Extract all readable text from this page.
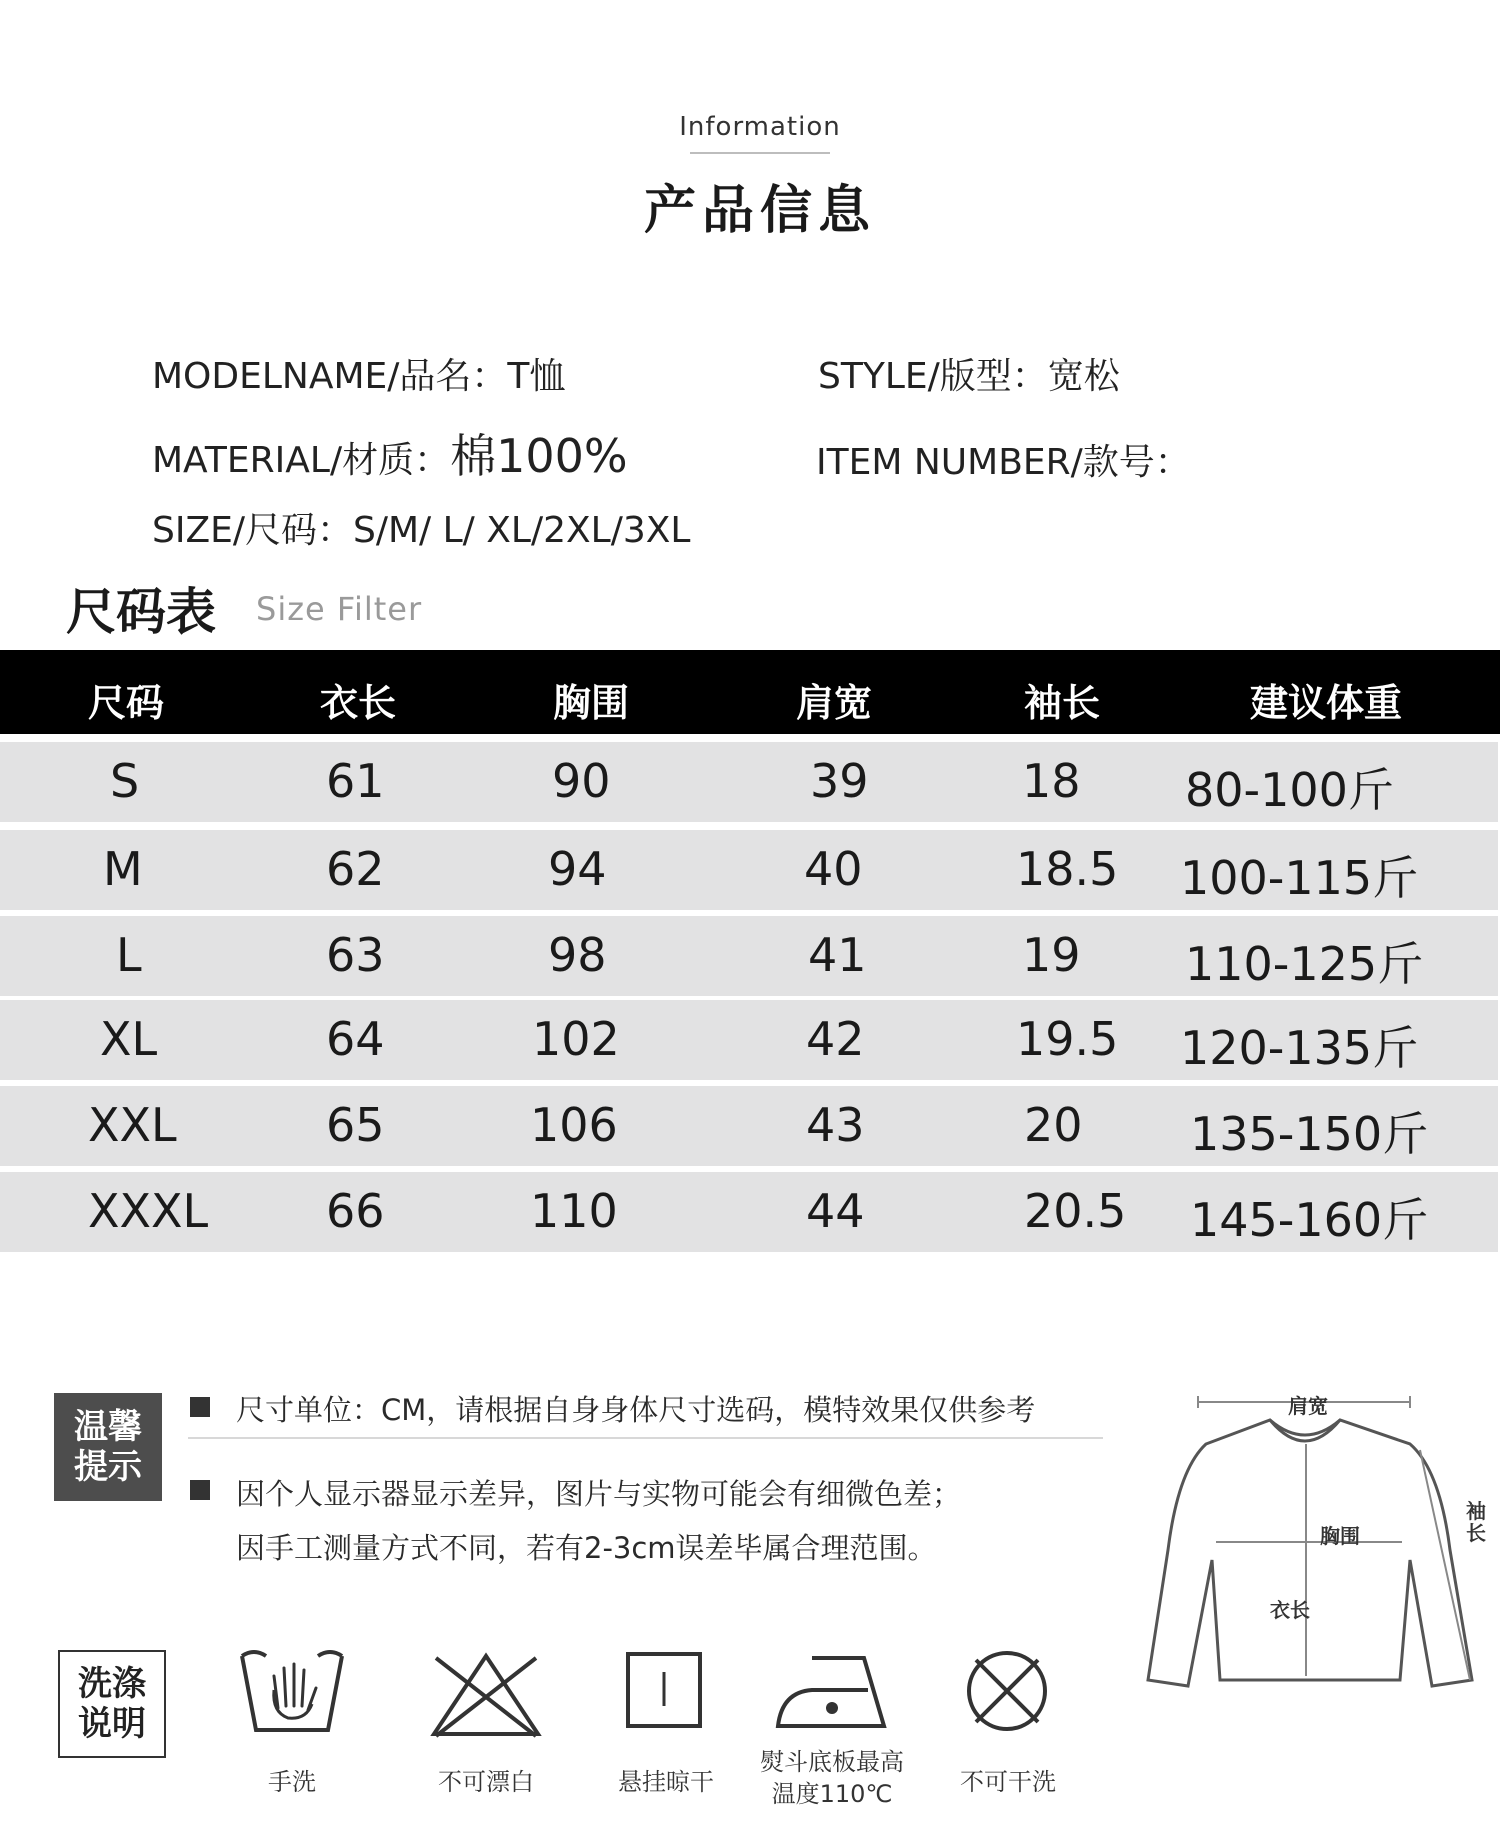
Information
产品信息
MODELNAME/品名：T恤	STYLE/版型：宽松
MATERIAL/材质：棉100%	ITEM NUMBER/款号：
SIZE/尺码：S/M/ L/ XL/2XL/3XL
尺码表 Size Filter
尺码	衣长	胸围	肩宽	袖长	建议体重
S	61	90	39	18 80-100斤
M	62	94	40	18.5 100-115斤
L	63	98	41	19 110-125斤
XL	64	102	42	19.5 120-135斤
XXL	65	106	43	20 135-150斤
XXXL	66	110	44	20.5 145-160斤
温馨
提示
尺寸单位：CM，请根据自身身体尺寸选码，模特效果仅供参考
因个人显示器显示差异，图片与实物可能会有细微色差；
因手工测量方式不同，若有2-3cm误差毕属合理范围。
洗涤
说明
手洗	不可漂白	悬挂晾干
熨斗底板最高
温度110℃	不可干洗
肩宽
胸围
袖长
衣长
